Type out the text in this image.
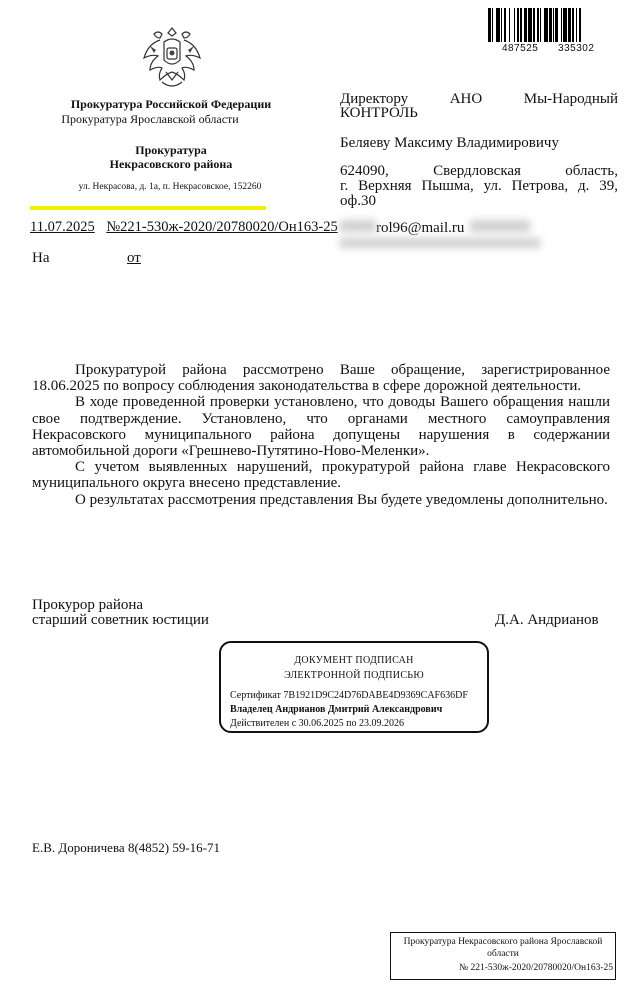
487525 335302
Прокуратура Российской Федерации
Прокуратура Ярославской области
Прокуратура
Некрасовского района
ул. Некрасова, д. 1а, п. Некрасовское, 152260
Директору АНО Мы-Народный
КОНТРОЛЬ
Беляеву Максиму Владимировичу
624090, Свердловская область,
г. Верхняя Пышма, ул. Петрова, д. 39,
оф.30
11.07.2025 №221-530ж-2020/20780020/Он163-25	rol96@mail.ru
На	от

Прокуратурой района рассмотрено Ваше обращение, зарегистрированное 18.06.2025 по вопросу соблюдения законодательства в сфере дорожной деятельности.

В ходе проведенной проверки установлено, что доводы Вашего обращения нашли свое подтверждение. Установлено, что органами местного самоуправления Некрасовского муниципального района допущены нарушения в содержании автомобильной дороги «Грешнево-Путятино-Ново-Меленки».

С учетом выявленных нарушений, прокуратурой района главе Некрасовского муниципального округа внесено представление.

О результатах рассмотрения представления Вы будете уведомлены дополнительно.

Прокурор района
старший советник юстиции	Д.А. Андрианов
ДОКУМЕНТ ПОДПИСАН
ЭЛЕКТРОННОЙ ПОДПИСЬЮ
Сертификат 7B1921D9C24D76DABE4D9369CAF636DF
Владелец Андрианов Дмитрий Александрович
Действителен с 30.06.2025 по 23.09.2026
Е.В. Дороничева 8(4852) 59-16-71
Прокуратура Некрасовского района Ярославской
области
№ 221-530ж-2020/20780020/Он163-25
